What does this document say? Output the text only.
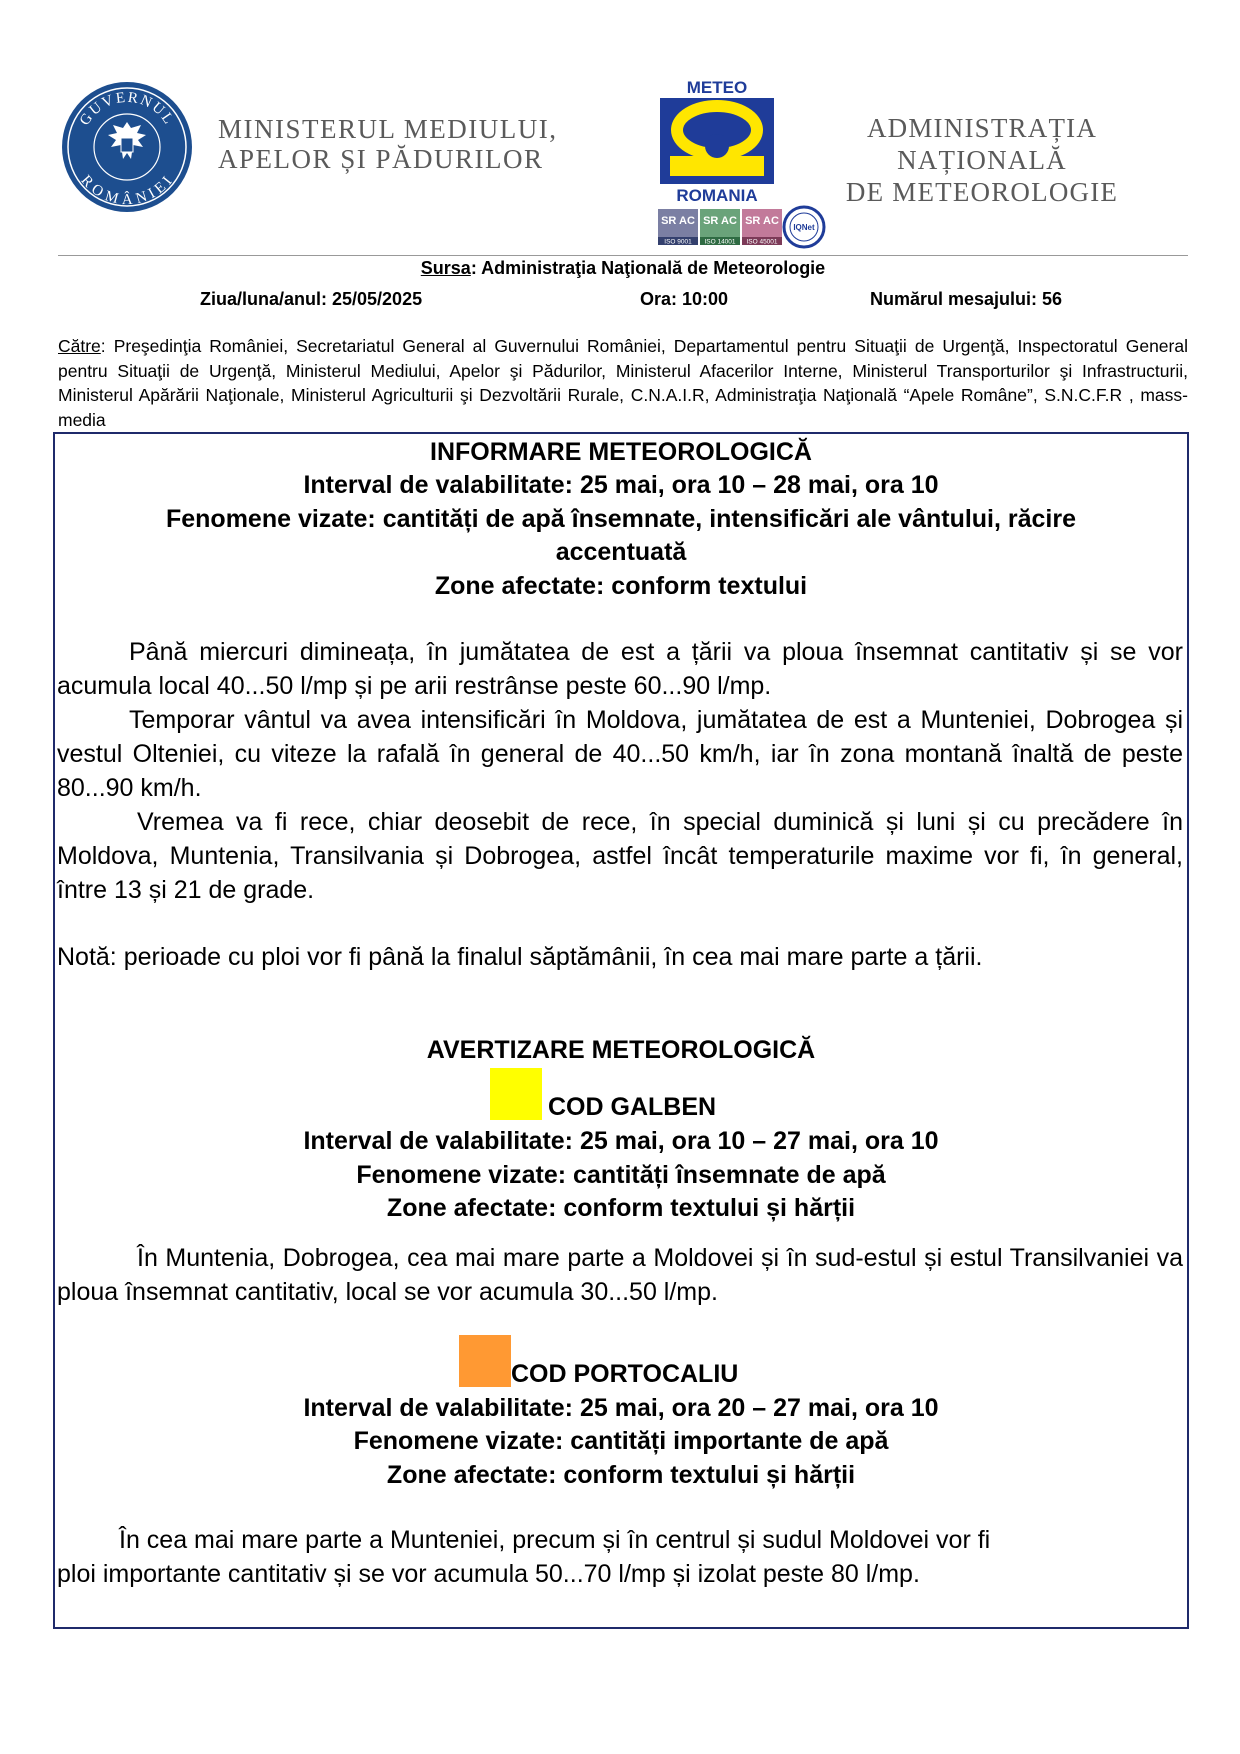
GUVERNUL
ROMÂNIEI
MINISTERUL MEDIULUI,
APELOR ȘI PĂDURILOR
METEO
ROMANIA
SR AC
ISO 9001
SR AC
ISO 14001
SR AC
ISO 45001
IQNet
ADMINISTRAȚIA NAȚIONALĂ
DE METEOROLOGIE
Sursa: Administraţia Naţională de Meteorologie
Ziua/luna/anul: 25/05/2025	Ora: 10:00	Numărul mesajului: 56
Către: Preşedinţia României, Secretariatul General al Guvernului României, Departamentul pentru Situaţii de Urgenţă, Inspectoratul General pentru Situaţii de Urgenţă, Ministerul Mediului, Apelor şi Pădurilor, Ministerul Afacerilor Interne, Ministerul Transporturilor şi Infrastructurii, Ministerul Apărării Naţionale, Ministerul Agriculturii şi Dezvoltării Rurale, C.N.A.I.R, Administraţia Naţională “Apele Române”, S.N.C.F.R , mass-media
INFORMARE METEOROLOGICĂ
Interval de valabilitate: 25 mai, ora 10 – 28 mai, ora 10
Fenomene vizate: cantități de apă însemnate, intensificări ale vântului, răcire
accentuată
Zone afectate: conform textului
Până miercuri dimineața, în jumătatea de est a țării va ploua însemnat cantitativ și se vor acumula local 40...50 l/mp și pe arii restrânse peste 60...90 l/mp.
Temporar vântul va avea intensificări în Moldova, jumătatea de est a Munteniei, Dobrogea și vestul Olteniei, cu viteze la rafală în general de 40...50 km/h, iar în zona montană înaltă de peste 80...90 km/h.
Vremea va fi rece, chiar deosebit de rece, în special duminică și luni și cu precădere în Moldova, Muntenia, Transilvania și Dobrogea, astfel încât temperaturile maxime vor fi, în general, între 13 și 21 de grade.
Notă: perioade cu ploi vor fi până la finalul săptămânii, în cea mai mare parte a țării.
AVERTIZARE METEOROLOGICĂ
COD GALBEN
Interval de valabilitate: 25 mai, ora 10 – 27 mai, ora 10
Fenomene vizate: cantități însemnate de apă
Zone afectate: conform textului și hărții
În Muntenia, Dobrogea, cea mai mare parte a Moldovei și în sud-estul și estul Transilvaniei va ploua însemnat cantitativ, local se vor acumula 30...50 l/mp.
COD PORTOCALIU
Interval de valabilitate: 25 mai, ora 20 – 27 mai, ora 10
Fenomene vizate: cantități importante de apă
Zone afectate: conform textului și hărții
În cea mai mare parte a Munteniei, precum și în centrul și sudul Moldovei vor fi
ploi importante cantitativ și se vor acumula 50...70 l/mp și izolat peste 80 l/mp.
